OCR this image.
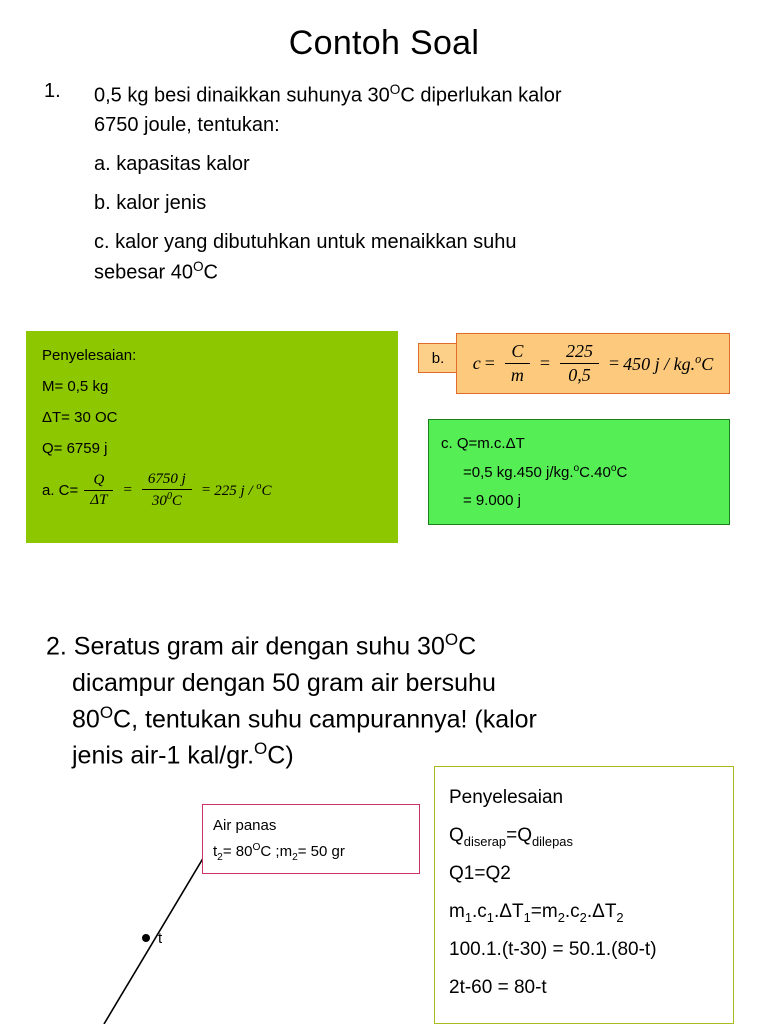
Contoh Soal
1.	0,5 kg besi dinaikkan suhunya $30^OC$ diperlukan kalor
6750 joule, tentukan:
a. kapasitas kalor
b. kalor jenis
c. kalor yang dibutuhkan untuk menaikkan suhu
sebesar $40^OC$
Penyelesaian:
M= 0,5 kg
ΔT= 30 OC
Q= 6759 j
a. $C= \frac{Q}{\Delta T} = \frac{6750 j}{30^0C} = 225$ j / $^o$C
b. $c = \frac{C}{m} = \frac{225}{0,5} = 450$ j / kg.$^o$C
c. Q=m.c.ΔT
=0,5 kg.450 $j/kg.^oC.40^oC$
= 9.000 j
2. Seratus gram air dengan suhu $30^OC$
dicampur dengan 50 gram air bersuhu
$80^OC$, tentukan suhu campurannya! (kalor
jenis air-1 kal/gr.$^O$C)
t
Air panas
$t_2= 80^OC$ $;m_2= 50$ gr
Penyelesaian
$Q_{diserap}=Q_{dilepas}$
Q1=Q2
$m_1.c_1.\Delta T_1=m_2.c_2.\Delta T_2$
100.1.(t-30) = 50.1.(80-t)
2t-60 = 80-t
